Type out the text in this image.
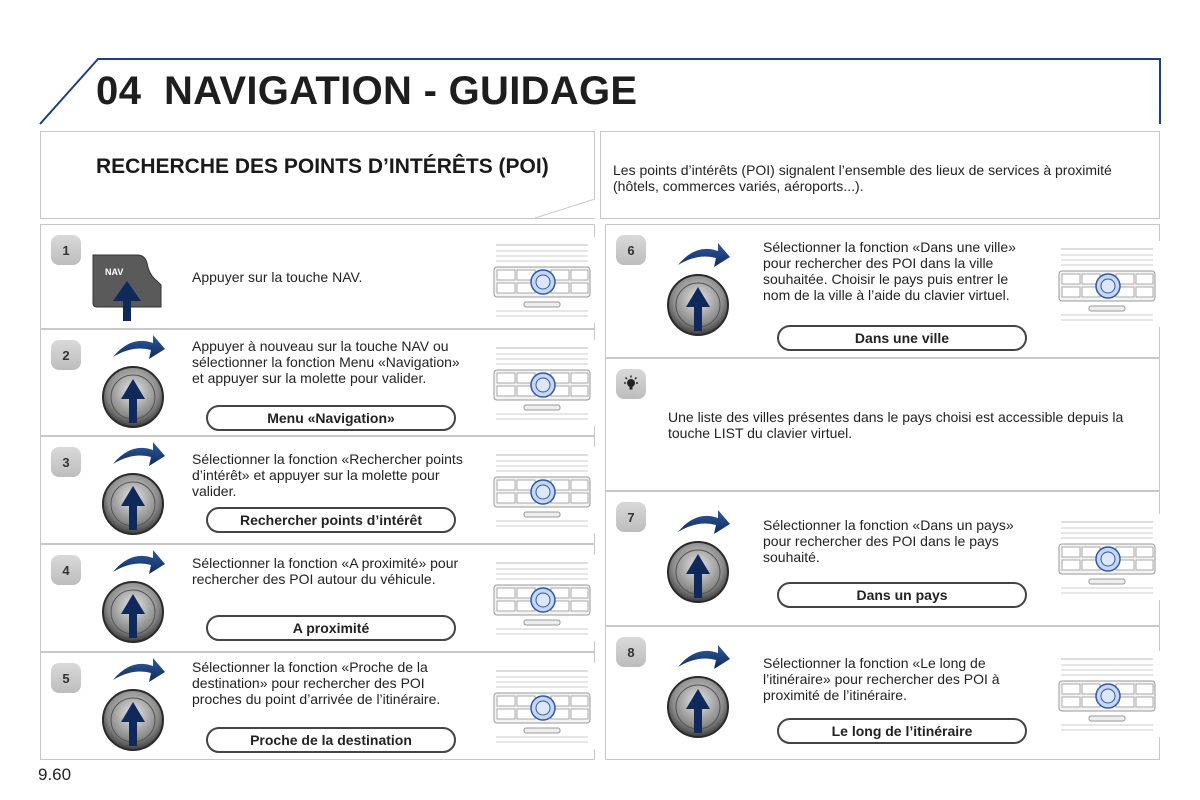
04 NAVIGATION - GUIDAGE
RECHERCHE DES POINTS D’INTÉRÊTS (POI)	Les points d’intérêts (POI) signalent l’ensemble des lieux de services à proximité (hôtels, commerces variés, aéroports...).
1
NAV	Appuyer sur la touche NAV.
2
Appuyer à nouveau sur la touche NAV ou sélectionner la fonction Menu «Navigation» et appuyer sur la molette pour valider.
Menu «Navigation»
3	Sélectionner la fonction «Rechercher points d’intérêt» et appuyer sur la molette pour valider.
Rechercher points d’intérêt
4	Sélectionner la fonction «A proximité» pour rechercher des POI autour du véhicule.
A proximité
5
Sélectionner la fonction «Proche de la destination» pour rechercher des POI proches du point d’arrivée de l’itinéraire.
Proche de la destination
6	Sélectionner la fonction «Dans une ville» pour rechercher des POI dans la ville souhaitée. Choisir le pays puis entrer le nom de la ville à l’aide du clavier virtuel.
Dans une ville
Une liste des villes présentes dans le pays choisi est accessible depuis la touche LIST du clavier virtuel.
7	Sélectionner la fonction «Dans un pays» pour rechercher des POI dans le pays souhaité.
Dans un pays
8
Sélectionner la fonction «Le long de l’itinéraire» pour rechercher des POI à proximité de l’itinéraire.
Le long de l’itinéraire
9.60
